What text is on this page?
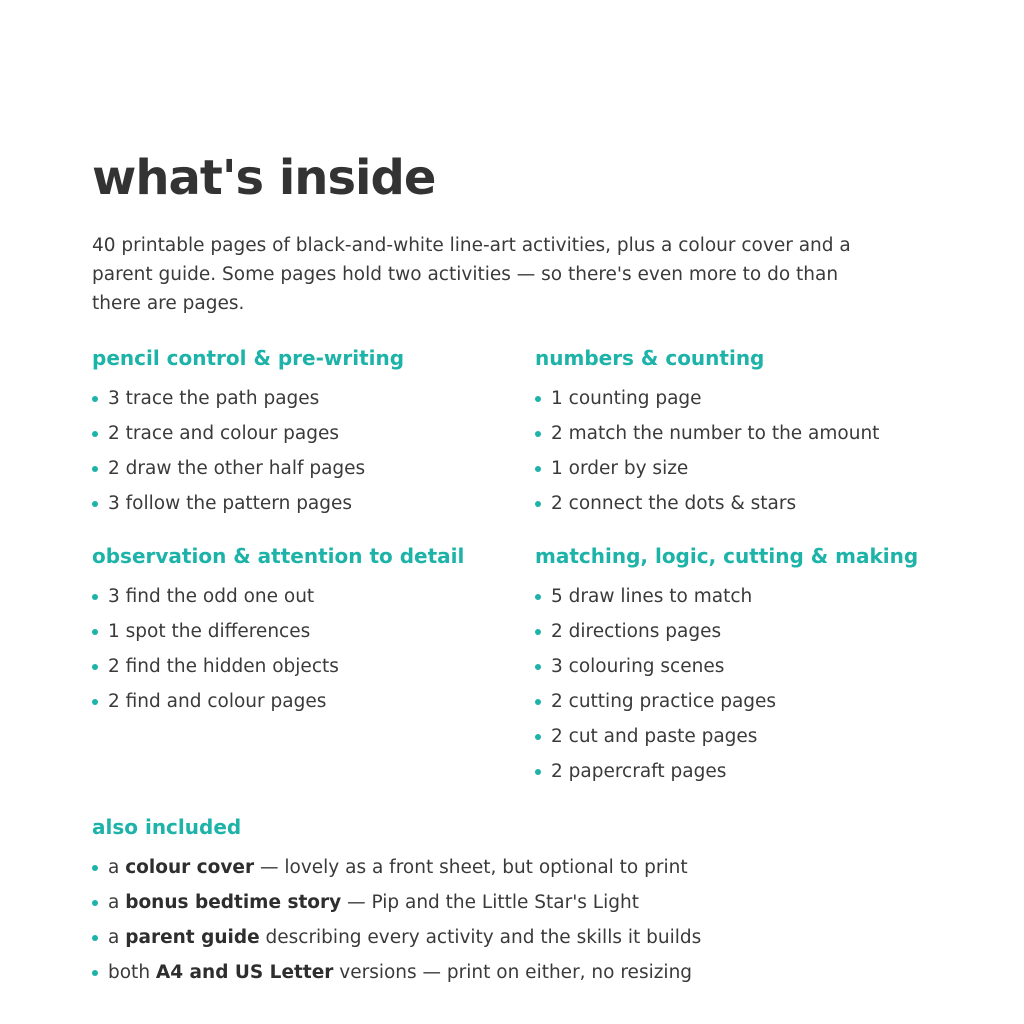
what's inside

40 printable pages of black-and-white line-art activities, plus a colour cover and a parent guide. Some pages hold two activities — so there's even more to do than there are pages.

pencil control & pre-writing
3 trace the path pages
2 trace and colour pages
2 draw the other half pages
3 follow the pattern pages
numbers & counting
1 counting page
2 match the number to the amount
1 order by size
2 connect the dots & stars
observation & attention to detail
3 find the odd one out
1 spot the differences
2 find the hidden objects
2 find and colour pages
matching, logic, cutting & making
5 draw lines to match
2 directions pages
3 colouring scenes
2 cutting practice pages
2 cut and paste pages
2 papercraft pages
also included
a colour cover — lovely as a front sheet, but optional to print
a bonus bedtime story — Pip and the Little Star's Light
a parent guide describing every activity and the skills it builds
both A4 and US Letter versions — print on either, no resizing
